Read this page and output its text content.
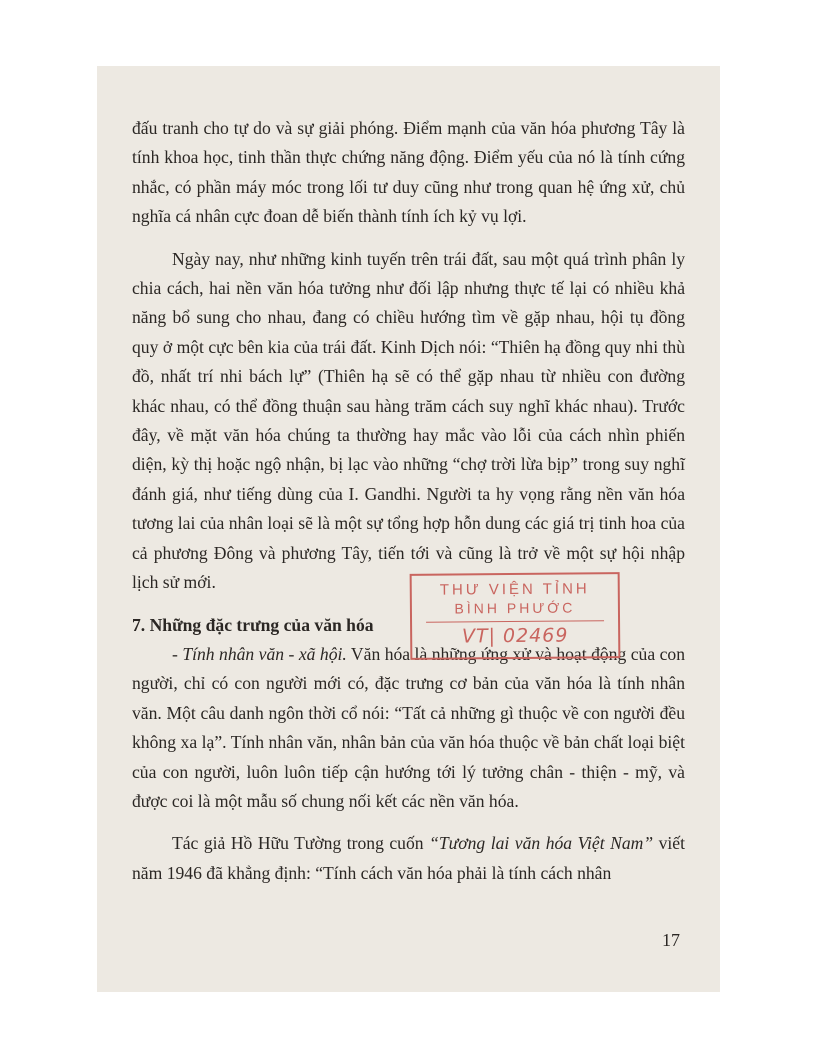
đấu tranh cho tự do và sự giải phóng. Điểm mạnh của văn hóa phương Tây là tính khoa học, tinh thần thực chứng năng động. Điểm yếu của nó là tính cứng nhắc, có phần máy móc trong lối tư duy cũng như trong quan hệ ứng xử, chủ nghĩa cá nhân cực đoan dễ biến thành tính ích kỷ vụ lợi.

Ngày nay, như những kinh tuyến trên trái đất, sau một quá trình phân ly chia cách, hai nền văn hóa tưởng như đối lập nhưng thực tế lại có nhiều khả năng bổ sung cho nhau, đang có chiều hướng tìm về gặp nhau, hội tụ đồng quy ở một cực bên kia của trái đất. Kinh Dịch nói: “Thiên hạ đồng quy nhi thù đồ, nhất trí nhi bách lự” (Thiên hạ sẽ có thể gặp nhau từ nhiều con đường khác nhau, có thể đồng thuận sau hàng trăm cách suy nghĩ khác nhau). Trước đây, về mặt văn hóa chúng ta thường hay mắc vào lỗi của cách nhìn phiến diện, kỳ thị hoặc ngộ nhận, bị lạc vào những “chợ trời lừa bịp” trong suy nghĩ đánh giá, như tiếng dùng của I. Gandhi. Người ta hy vọng rằng nền văn hóa tương lai của nhân loại sẽ là một sự tổng hợp hỗn dung các giá trị tinh hoa của cả phương Đông và phương Tây, tiến tới và cũng là trở về một sự hội nhập lịch sử mới.

7. Những đặc trưng của văn hóa

- Tính nhân văn - xã hội. Văn hóa là những ứng xử và hoạt động của con người, chỉ có con người mới có, đặc trưng cơ bản của văn hóa là tính nhân văn. Một câu danh ngôn thời cổ nói: “Tất cả những gì thuộc về con người đều không xa lạ”. Tính nhân văn, nhân bản của văn hóa thuộc về bản chất loại biệt của con người, luôn luôn tiếp cận hướng tới lý tưởng chân - thiện - mỹ, và được coi là một mẫu số chung nối kết các nền văn hóa.

Tác giả Hồ Hữu Tường trong cuốn “Tương lai văn hóa Việt Nam” viết năm 1946 đã khẳng định: “Tính cách văn hóa phải là tính cách nhân

THƯ VIỆN TỈNH
BÌNH PHƯỚC
VT| 02469
17
